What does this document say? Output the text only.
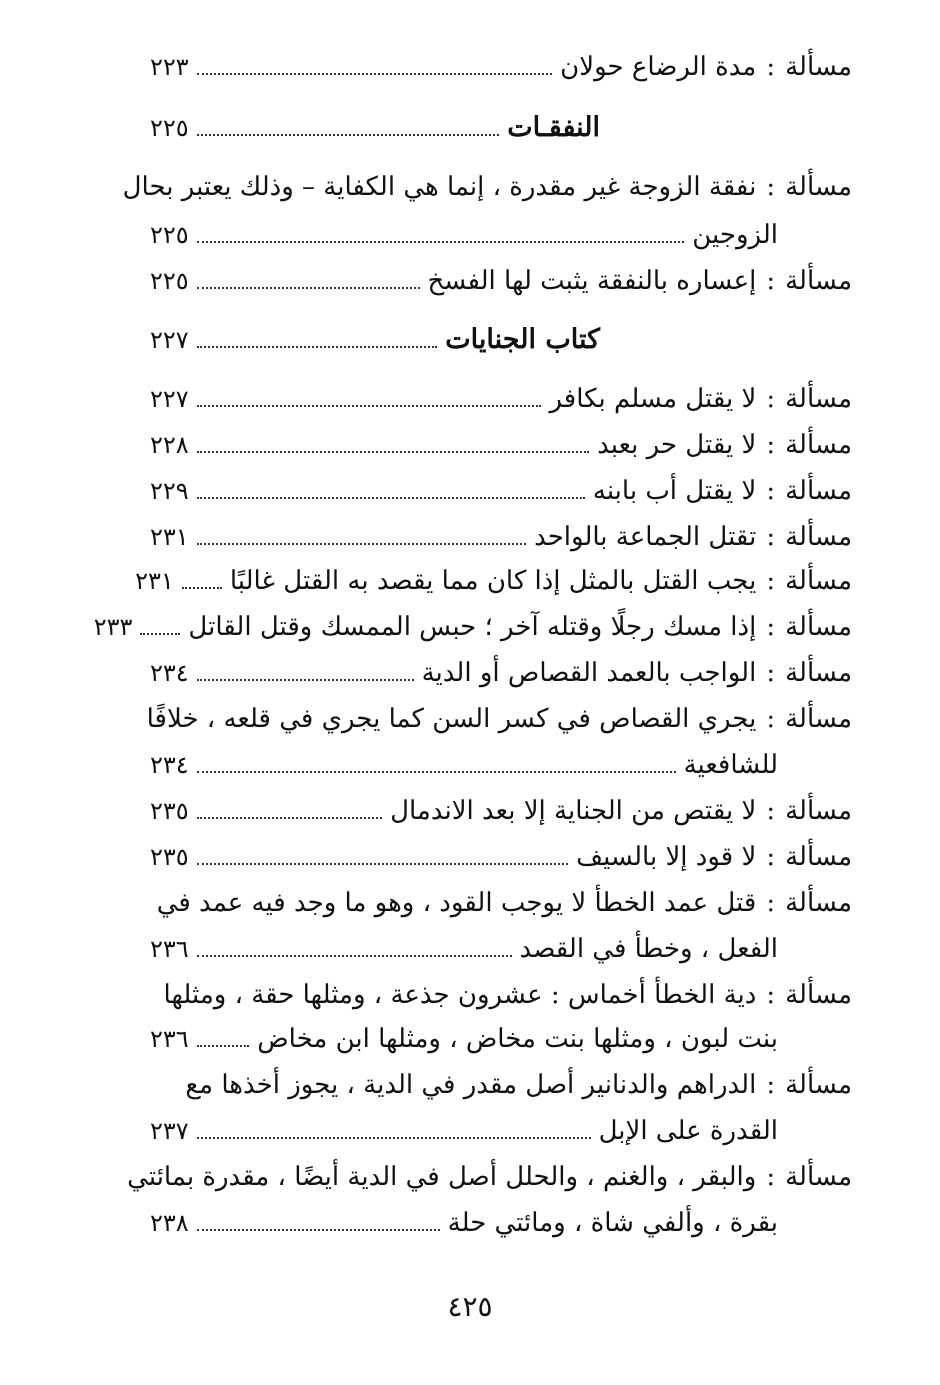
مسألة
:
مدة الرضاع حولان
٢٢٣
النفقـات
٢٢٥
مسألة
:
نفقة الزوجة غير مقدرة ، إنما هي الكفاية – وذلك يعتبر بحال
الزوجين
٢٢٥
مسألة
:
إعساره بالنفقة يثبت لها الفسخ
٢٢٥
كتاب الجنايات
٢٢٧
مسألة
:
لا يقتل مسلم بكافر
٢٢٧
مسألة
:
لا يقتل حر بعبد
٢٢٨
مسألة
:
لا يقتل أب بابنه
٢٢٩
مسألة
:
تقتل الجماعة بالواحد
٢٣١
مسألة
:
يجب القتل بالمثل إذا كان مما يقصد به القتل غالبًا
٢٣١
مسألة
:
إذا مسك رجلًا وقتله آخر ؛ حبس الممسك وقتل القاتل
٢٣٣
مسألة
:
الواجب بالعمد القصاص أو الدية
٢٣٤
مسألة
:
يجري القصاص في كسر السن كما يجري في قلعه ، خلافًا
للشافعية
٢٣٤
مسألة
:
لا يقتص من الجناية إلا بعد الاندمال
٢٣٥
مسألة
:
لا قود إلا بالسيف
٢٣٥
مسألة
:
قتل عمد الخطأ لا يوجب القود ، وهو ما وجد فيه عمد في
الفعل ، وخطأ في القصد
٢٣٦
مسألة
:
دية الخطأ أخماس : عشرون جذعة ، ومثلها حقة ، ومثلها
بنت لبون ، ومثلها بنت مخاض ، ومثلها ابن مخاض
٢٣٦
مسألة
:
الدراهم والدنانير أصل مقدر في الدية ، يجوز أخذها مع
القدرة على الإبل
٢٣٧
مسألة
:
والبقر ، والغنم ، والحلل أصل في الدية أيضًا ، مقدرة بمائتي
بقرة ، وألفي شاة ، ومائتي حلة
٢٣٨
٤٢٥
